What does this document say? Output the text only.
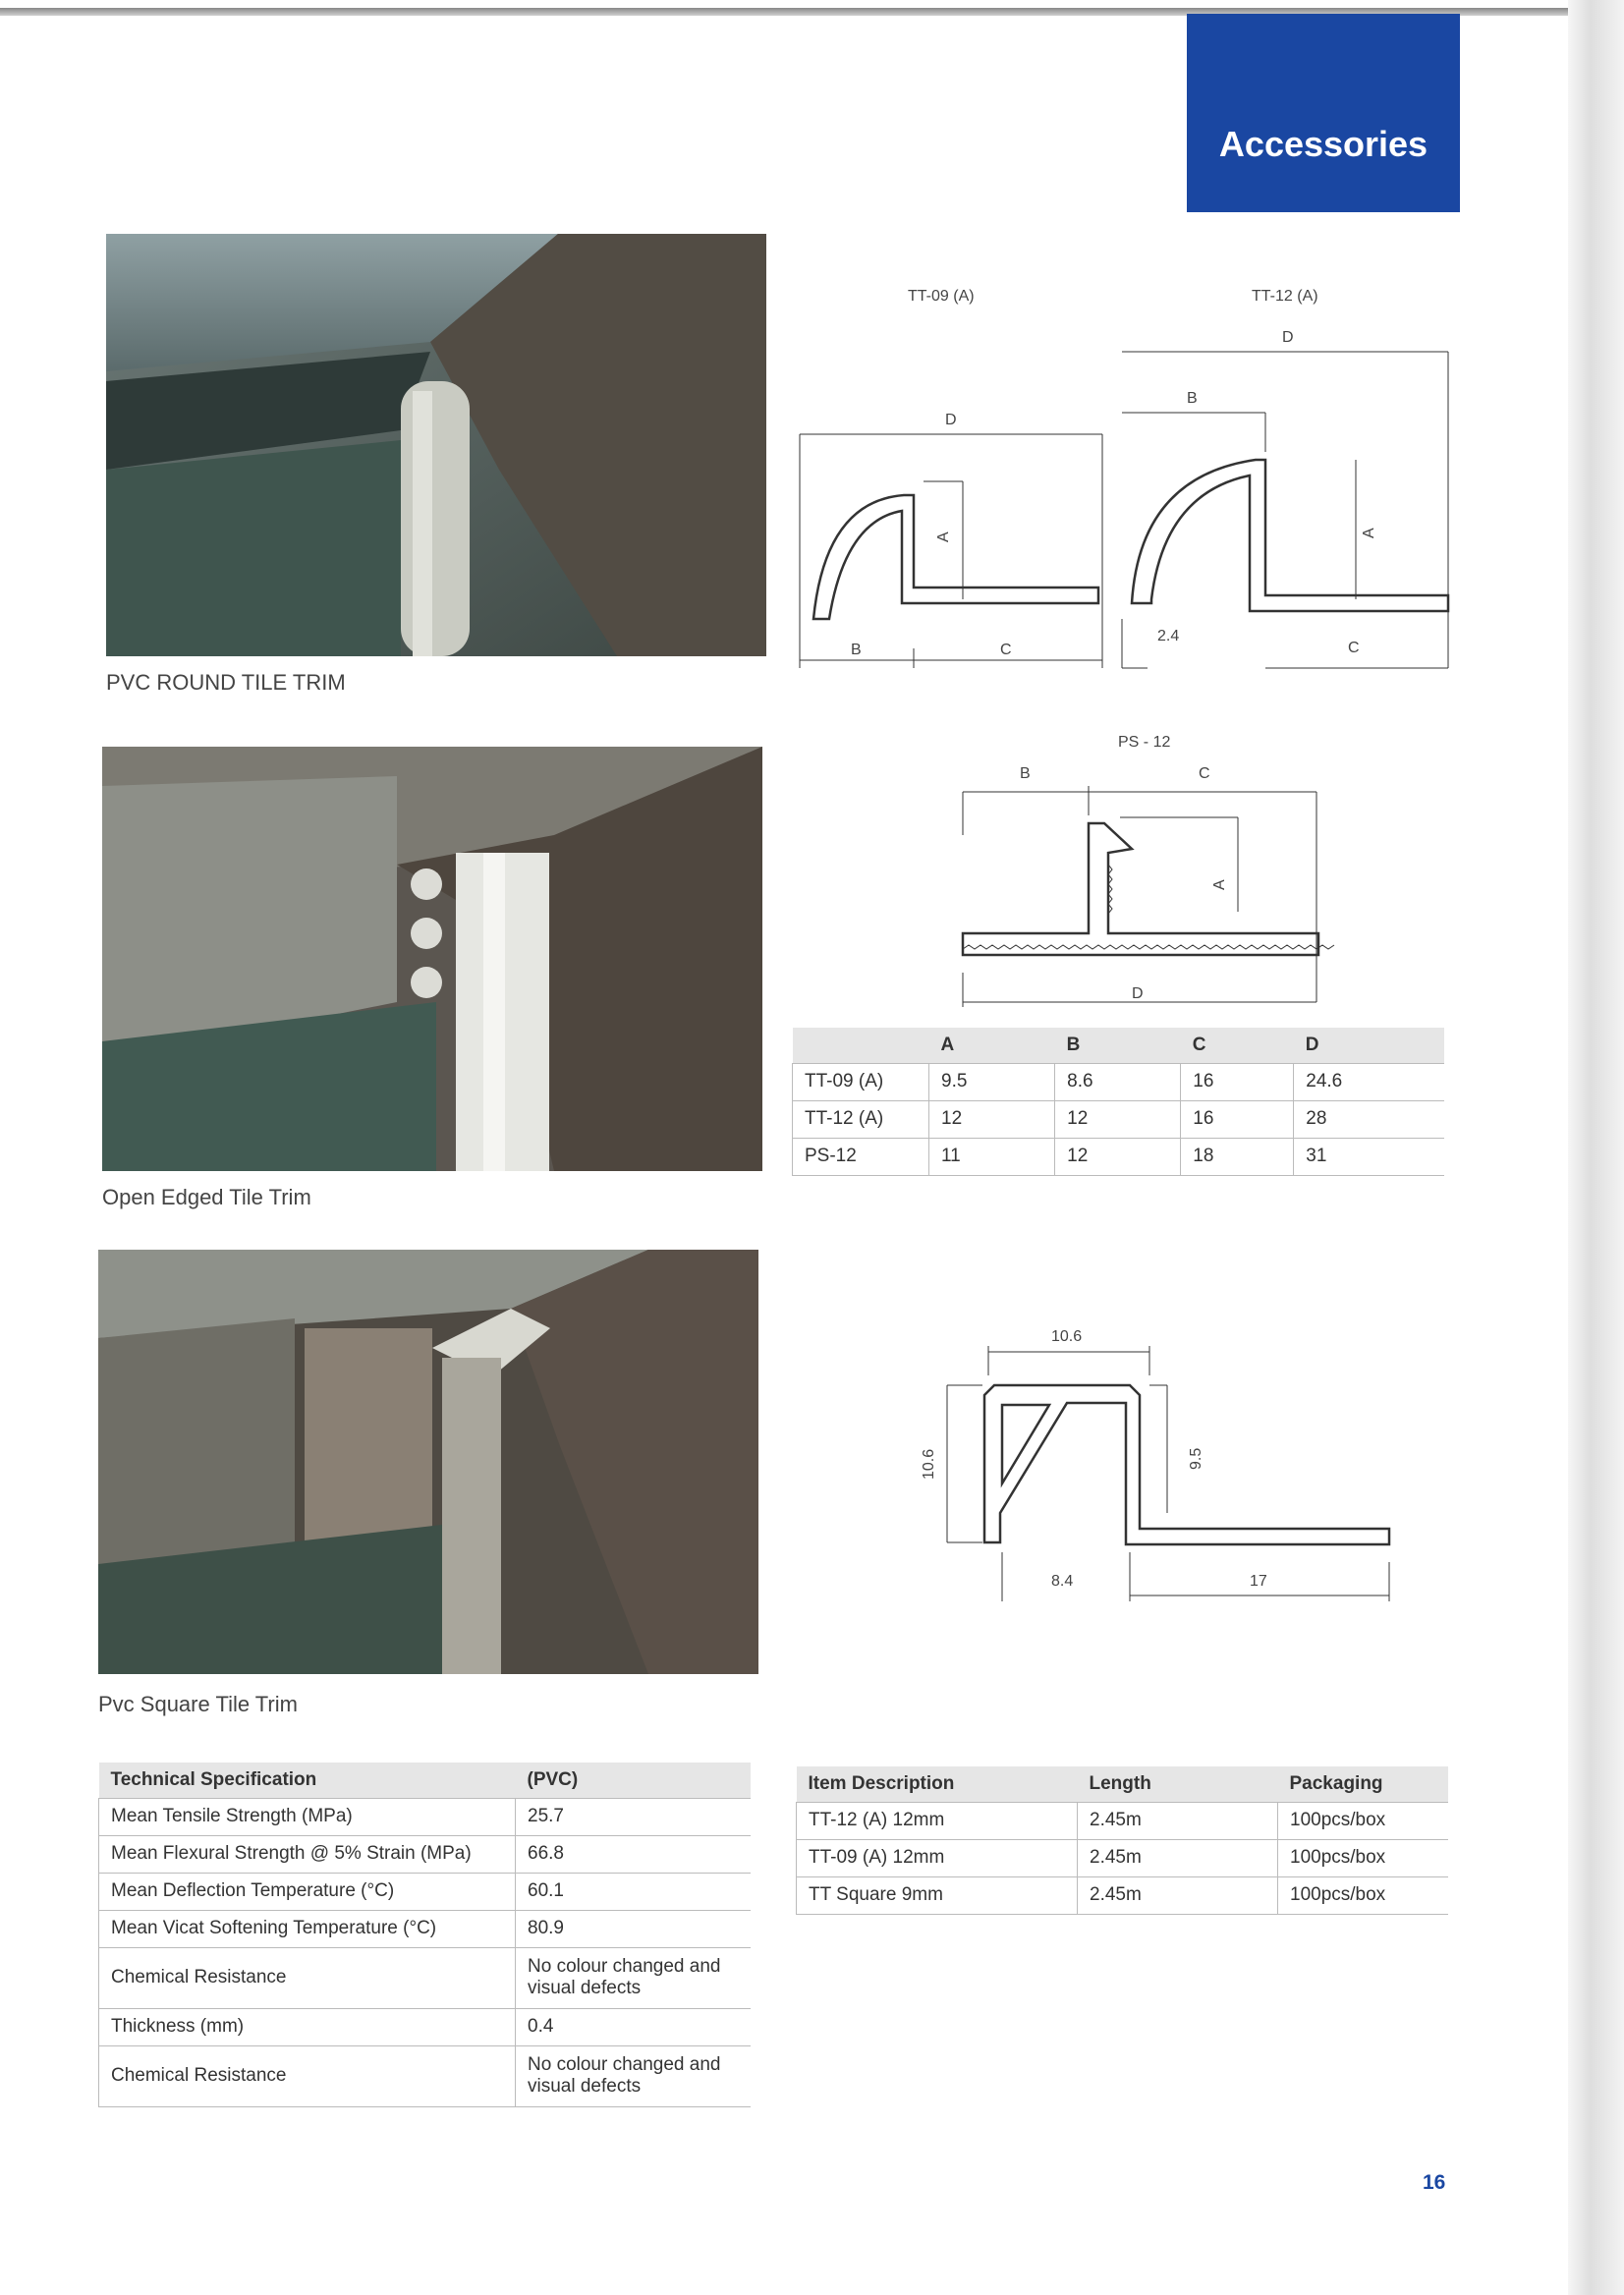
Accessories
PVC ROUND TILE TRIM
Open Edged Tile Trim
Pvc Square Tile Trim
TT-09 (A)
D
A
B	C
TT-12 (A)
D
B
A
2.4
C
PS - 12
B	C
A
D
	A	B	C	D
TT-09 (A)	9.5	8.6	16	24.6
TT-12 (A)	12	12	16	28
PS-12	11	12	18	31
10.6
10.6	9.5
8.4	17
Technical Specification	(PVC)
Mean Tensile Strength (MPa)	25.7
Mean Flexural Strength @ 5% Strain (MPa)	66.8
Mean Deflection Temperature (°C)	60.1
Mean Vicat Softening Temperature (°C)	80.9
Chemical Resistance	No colour changed and visual defects
Thickness (mm)	0.4
Chemical Resistance	No colour changed and visual defects
Item Description	Length	Packaging
TT-12 (A) 12mm	2.45m	100pcs/box
TT-09 (A) 12mm	2.45m	100pcs/box
TT Square 9mm	2.45m	100pcs/box
16
